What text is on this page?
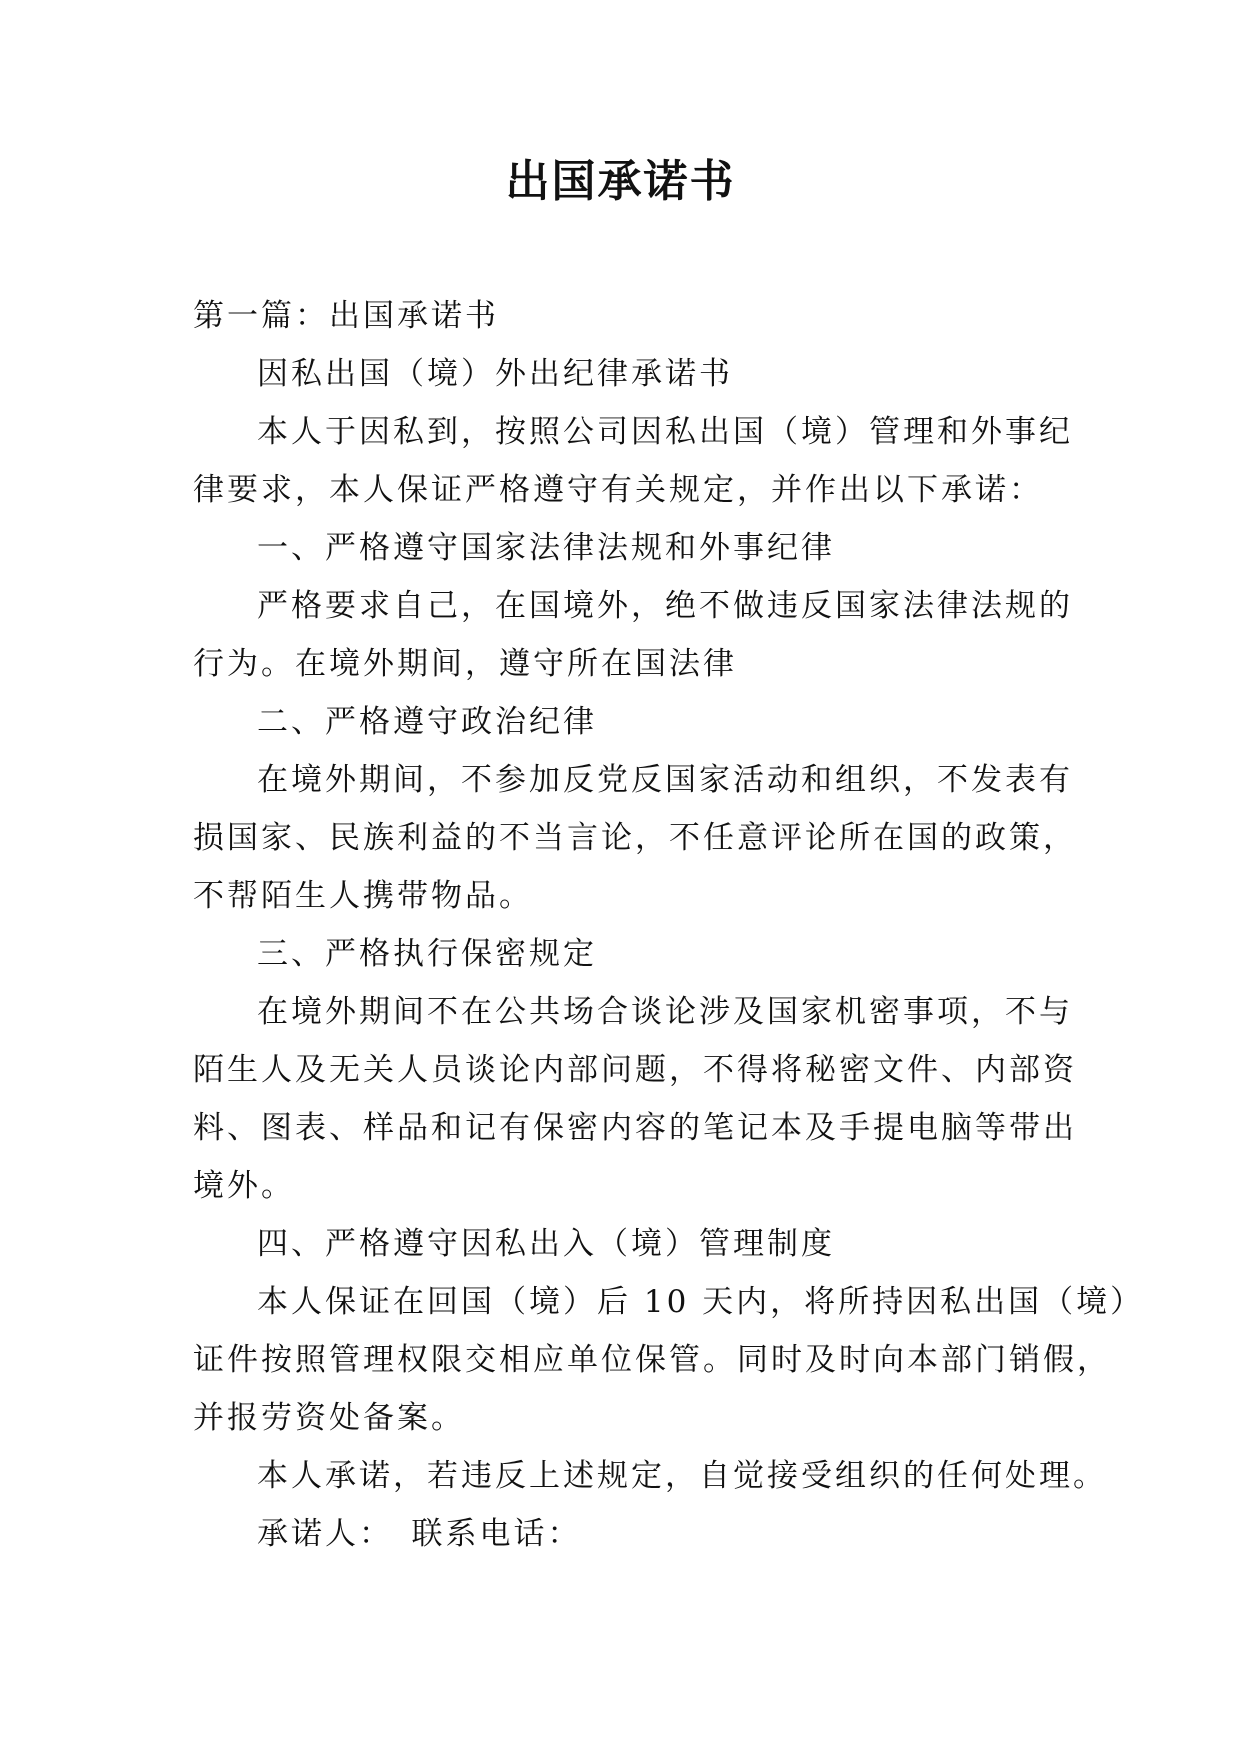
出国承诺书

第一篇：出国承诺书

因私出国（境）外出纪律承诺书

本人于因私到，按照公司因私出国（境）管理和外事纪

律要求，本人保证严格遵守有关规定，并作出以下承诺：

一、严格遵守国家法律法规和外事纪律

严格要求自己，在国境外，绝不做违反国家法律法规的

行为。在境外期间，遵守所在国法律

二、严格遵守政治纪律

在境外期间，不参加反党反国家活动和组织，不发表有

损国家、民族利益的不当言论，不任意评论所在国的政策，

不帮陌生人携带物品。

三、严格执行保密规定

在境外期间不在公共场合谈论涉及国家机密事项，不与

陌生人及无关人员谈论内部问题，不得将秘密文件、内部资

料、图表、样品和记有保密内容的笔记本及手提电脑等带出

境外。

四、严格遵守因私出入（境）管理制度

本人保证在回国（境）后 10 天内，将所持因私出国（境）

证件按照管理权限交相应单位保管。同时及时向本部门销假，

并报劳资处备案。

本人承诺，若违反上述规定，自觉接受组织的任何处理。

承诺人：　联系电话：
